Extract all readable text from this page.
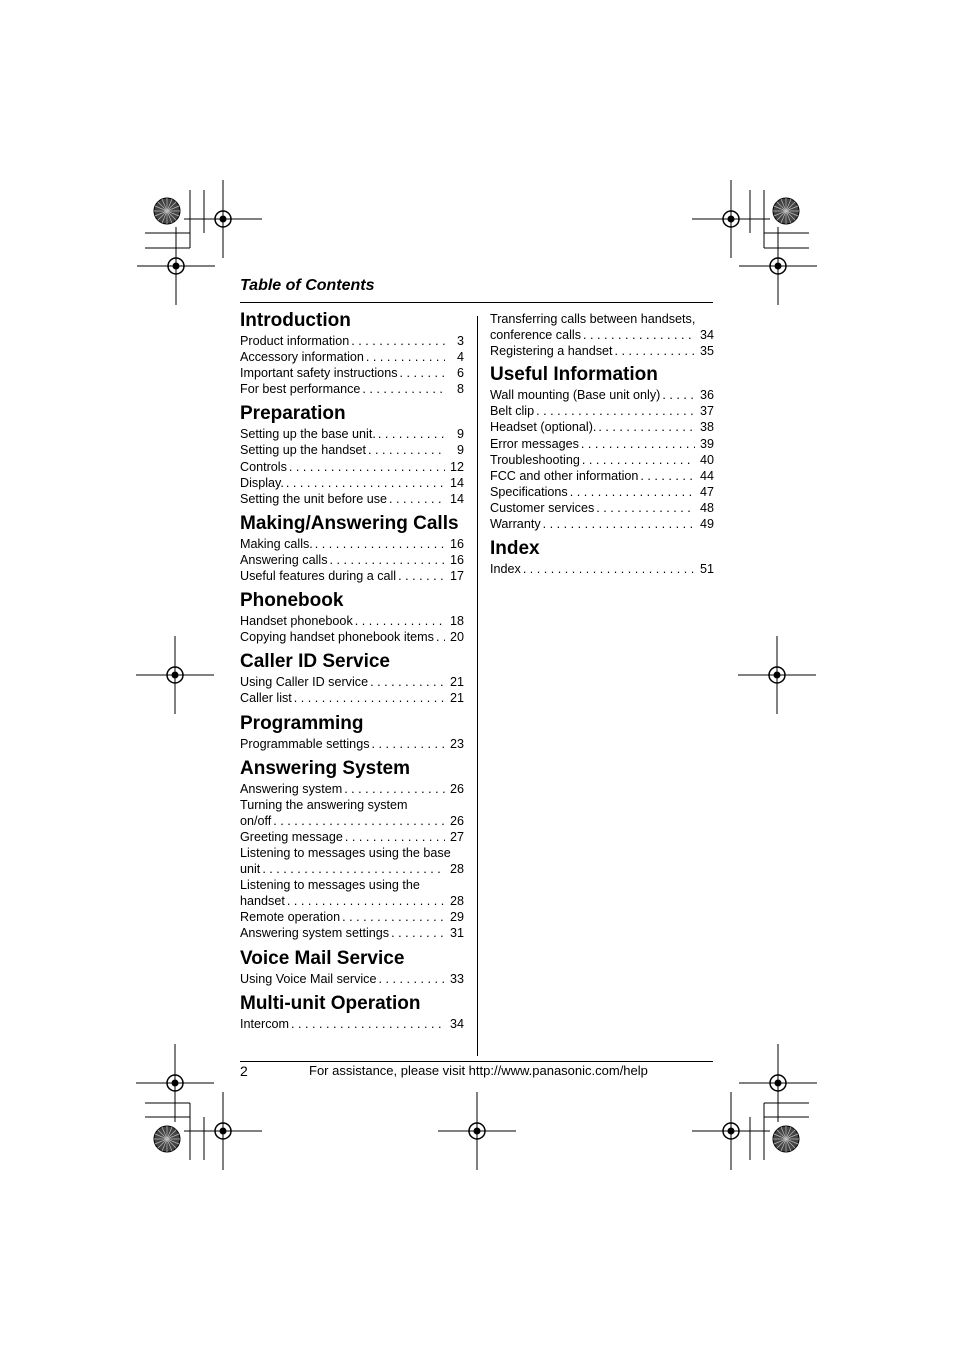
Table of Contents
Introduction
Product information . . .	3
Accessory information . . .	4
Important safety instructions . . .	6
For best performance . . .	8
Preparation
Setting up the base unit. . . .	9
Setting up the handset . . .	9
Controls . . .	12
Display. . . .	14
Setting the unit before use . . .	14
Making/Answering Calls
Making calls. . . .	16
Answering calls . . .	16
Useful features during a call . . .	17
Phonebook
Handset phonebook . . .	18
Copying handset phonebook items . . .	20
Caller ID Service
Using Caller ID service . . .	21
Caller list . . .	21
Programming
Programmable settings . . .	23
Answering System
Answering system . . .	26
Turning the answering system
on/off . . .	26
Greeting message . . .	27
Listening to messages using the base
unit . . .	28
Listening to messages using the
handset . . .	28
Remote operation . . .	29
Answering system settings . . .	31
Voice Mail Service
Using Voice Mail service . . .	33
Multi-unit Operation
Intercom . . .	34
Transferring calls between handsets,
conference calls . . .	34
Registering a handset . . .	35
Useful Information
Wall mounting (Base unit only) . . .	36
Belt clip . . .	37
Headset (optional). . . .	38
Error messages . . .	39
Troubleshooting . . .	40
FCC and other information . . .	44
Specifications . . .	47
Customer services . . .	48
Warranty . . .	49
Index
Index . . .	51
2	For assistance, please visit http://www.panasonic.com/help
